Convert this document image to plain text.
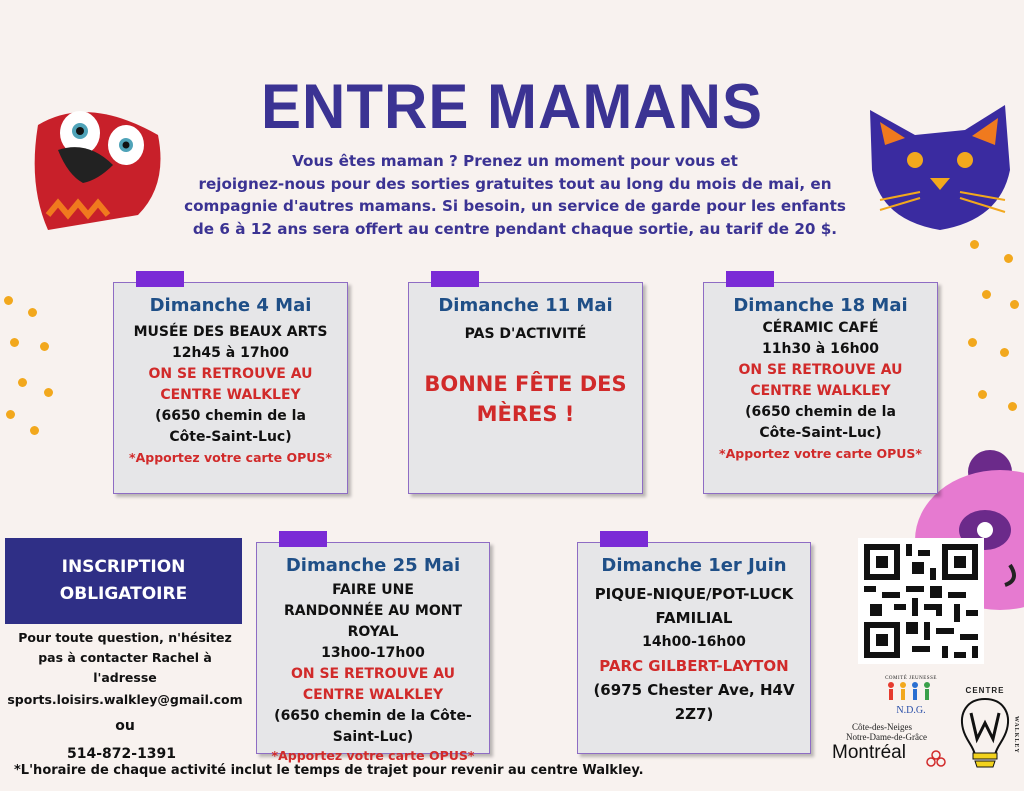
ENTRE MAMANS
Vous êtes maman ? Prenez un moment pour vous et
rejoignez-nous pour des sorties gratuites tout au long du mois de mai, en
compagnie d'autres mamans. Si besoin, un service de garde pour les enfants
de 6 à 12 ans sera offert au centre pendant chaque sortie, au tarif de 20 $.
Dimanche 4 Mai
MUSÉE DES BEAUX ARTS
12h45 à 17h00
ON SE RETROUVE AU CENTRE WALKLEY
(6650 chemin de la Côte-Saint-Luc)
*Apportez votre carte OPUS*
Dimanche 11 Mai
PAS D'ACTIVITÉ
BONNE FÊTE DES MÈRES !
Dimanche 18 Mai
CÉRAMIC CAFÉ
11h30 à 16h00
ON SE RETROUVE AU CENTRE WALKLEY
(6650 chemin de la Côte-Saint-Luc)
*Apportez votre carte OPUS*
Dimanche 25 Mai
FAIRE UNE RANDONNÉE AU MONT ROYAL
13h00-17h00
ON SE RETROUVE AU CENTRE WALKLEY
(6650 chemin de la Côte-Saint-Luc)
*Apportez votre carte OPUS*
Dimanche 1er Juin
PIQUE-NIQUE/POT-LUCK FAMILIAL
14h00-16h00
PARC GILBERT-LAYTON
(6975 Chester Ave, H4V 2Z7)
INSCRIPTION
OBLIGATOIRE
Pour toute question, n'hésitez pas à contacter Rachel à l'adresse
sports.loisirs.walkley@gmail.com
ou
514-872-1391
COMITÉ JEUNESSE
N.D.G.
Côte-des-Neiges
Notre-Dame-de-Grâce
Montréal
CENTRE
WALKLEY
*L'horaire de chaque activité inclut le temps de trajet pour revenir au centre Walkley.
